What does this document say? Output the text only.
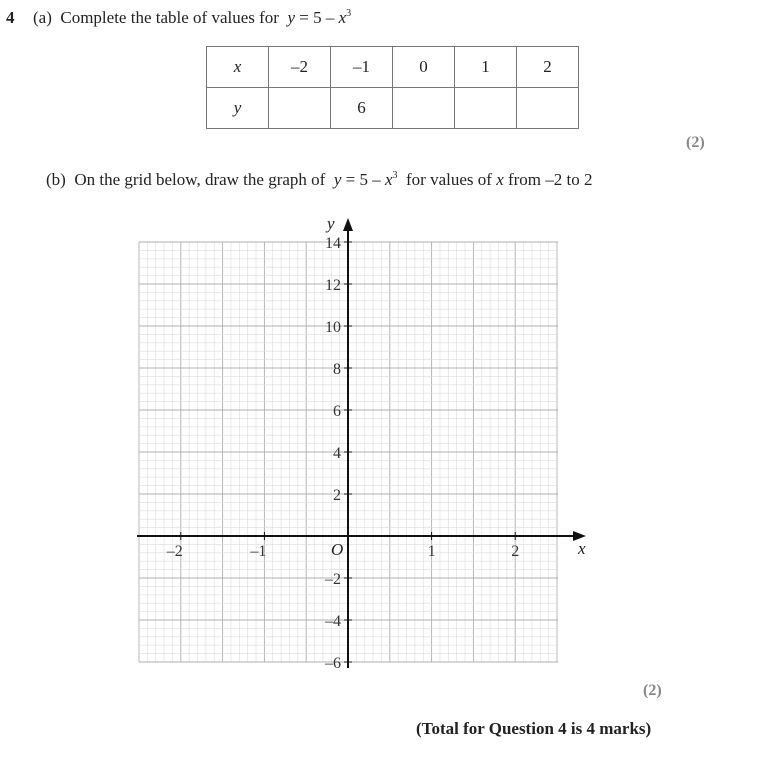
4 (a) Complete the table of values for $y = 5 - x^3$
x	–2	–1	0	1	2
y		6			
(2)
(b) On the grid below, draw the graph of $y = 5 - x^3$ for values of x from –2 to 2
x
y
O
–2	–1	1	2
14
12
10
8
6
4
2
–2
–4
–6
(2)
(Total for Question 4 is 4 marks)
